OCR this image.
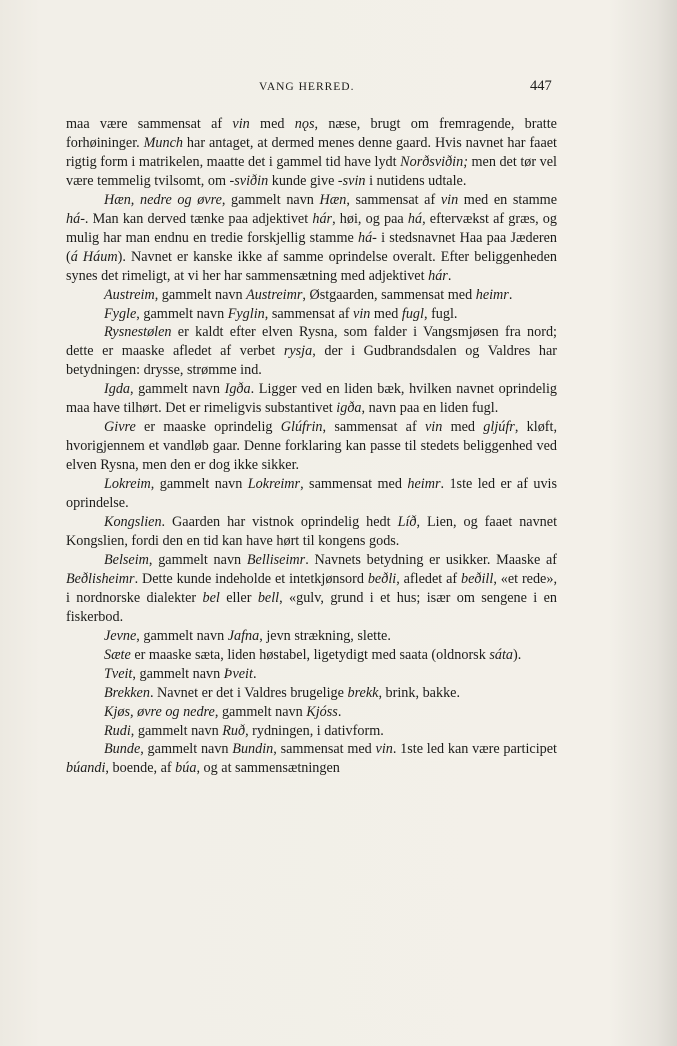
VANG HERRED.	447

maa være sammensat af vin med nǫs, næse, brugt om fremragende, bratte forhøininger. Munch har antaget, at dermed menes denne gaard. Hvis navnet har faaet rigtig form i matrikelen, maatte det i gammel tid have lydt Norðsviðin; men det tør vel være temmelig tvilsomt, om -sviðin kunde give -svin i nutidens udtale.

Hæn, nedre og øvre, gammelt navn Hæn, sammensat af vin med en stamme há-. Man kan derved tænke paa adjektivet hár, høi, og paa há, eftervækst af græs, og mulig har man endnu en tredie forskjellig stamme há- i stedsnavnet Haa paa Jæderen (á Háum). Navnet er kanske ikke af samme oprindelse overalt. Efter beliggenheden synes det rimeligt, at vi her har sammensætning med adjektivet hár.

Austreim, gammelt navn Austreimr, Østgaarden, sammensat med heimr.

Fygle, gammelt navn Fyglin, sammensat af vin med fugl, fugl.

Rysnestølen er kaldt efter elven Rysna, som falder i Vangsmjøsen fra nord; dette er maaske afledet af verbet rysja, der i Gudbrandsdalen og Valdres har betydningen: drysse, strømme ind.

Igda, gammelt navn Igða. Ligger ved en liden bæk, hvilken navnet oprindelig maa have tilhørt. Det er rimeligvis substantivet igða, navn paa en liden fugl.

Givre er maaske oprindelig Glúfrin, sammensat af vin med gljúfr, kløft, hvorigjennem et vandløb gaar. Denne forklaring kan passe til stedets beliggenhed ved elven Rysna, men den er dog ikke sikker.

Lokreim, gammelt navn Lokreimr, sammensat med heimr. 1ste led er af uvis oprindelse.

Kongslien. Gaarden har vistnok oprindelig hedt Líð, Lien, og faaet navnet Kongslien, fordi den en tid kan have hørt til kongens gods.

Belseim, gammelt navn Belliseimr. Navnets betydning er usikker. Maaske af Beðlisheimr. Dette kunde indeholde et intetkjønsord beðli, afledet af beðill, «et rede», i nordnorske dialekter bel eller bell, «gulv, grund i et hus; især om sengene i en fiskerbod.

Jevne, gammelt navn Jafna, jevn strækning, slette.

Sæte er maaske sæta, liden høstabel, ligetydigt med saata (oldnorsk sáta).

Tveit, gammelt navn Þveit.

Brekken. Navnet er det i Valdres brugelige brekk, brink, bakke.

Kjøs, øvre og nedre, gammelt navn Kjóss.

Rudi, gammelt navn Ruð, rydningen, i dativform.

Bunde, gammelt navn Bundin, sammensat med vin. 1ste led kan være participet búandi, boende, af búa, og at sammensætningen
